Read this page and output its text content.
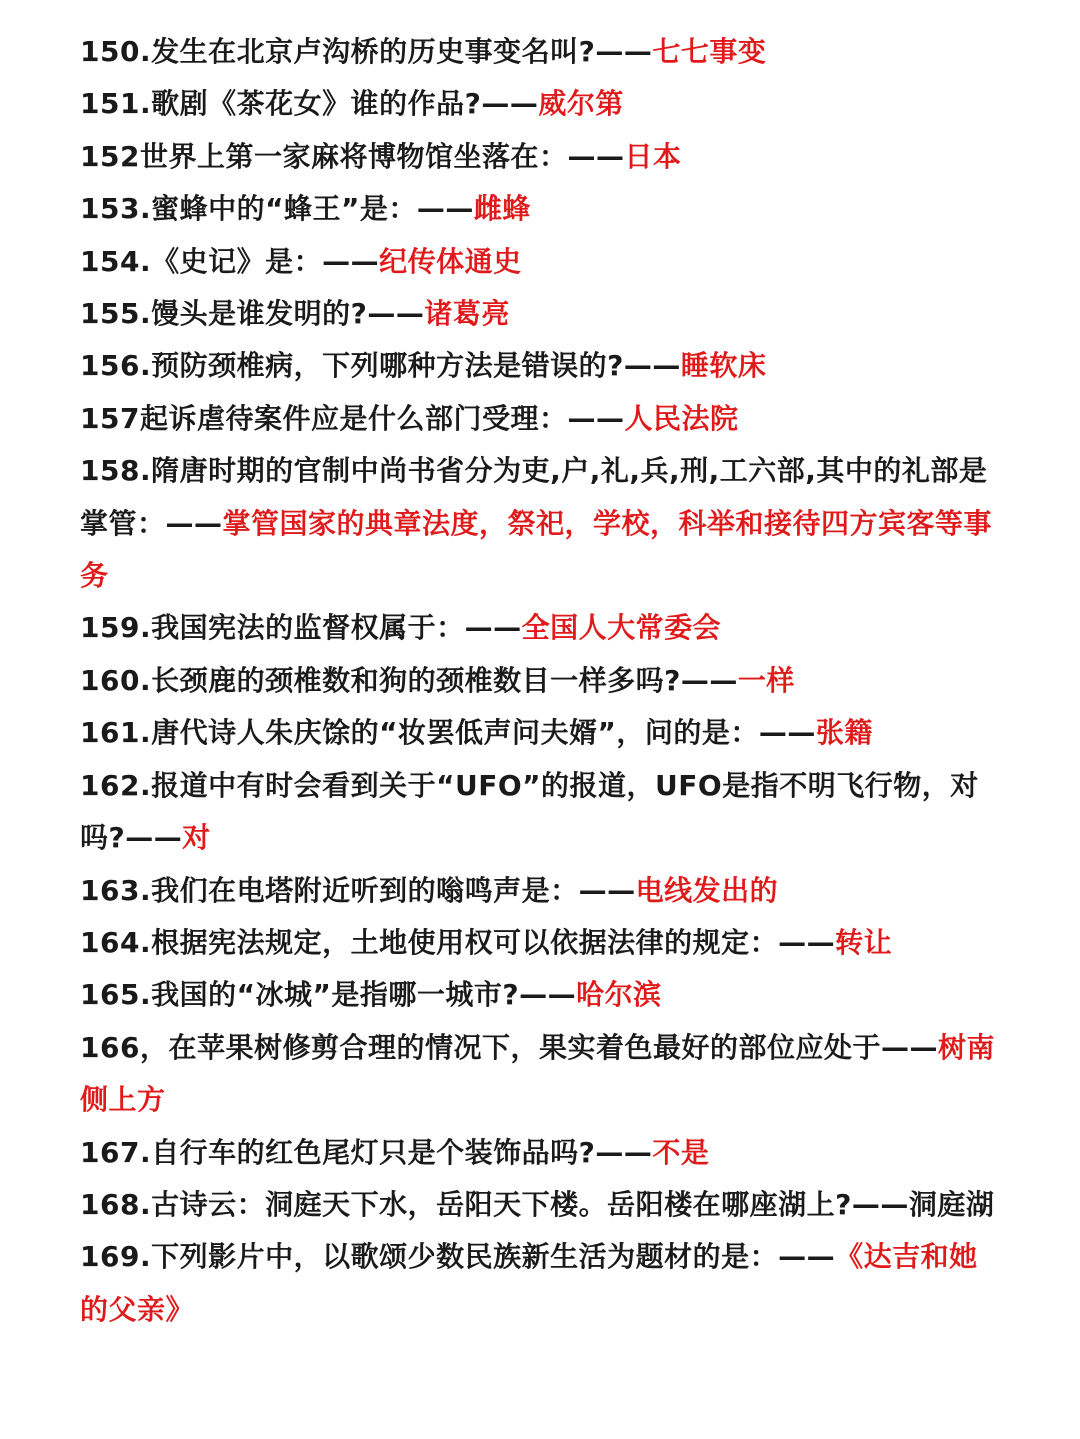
150.发生在北京卢沟桥的历史事变名叫?——七七事变

151.歌剧《茶花女》谁的作品?——威尔第

152世界上第一家麻将博物馆坐落在：——日本

153.蜜蜂中的“蜂王”是：——雌蜂

154.《史记》是：——纪传体通史

155.馒头是谁发明的?——诸葛亮

156.预防颈椎病，下列哪种方法是错误的?——睡软床

157起诉虐待案件应是什么部门受理：——人民法院

158.隋唐时期的官制中尚书省分为吏,户,礼,兵,刑,工六部,其中的礼部是掌管：——掌管国家的典章法度，祭祀，学校，科举和接待四方宾客等事务

159.我国宪法的监督权属于：——全国人大常委会

160.长颈鹿的颈椎数和狗的颈椎数目一样多吗?——一样

161.唐代诗人朱庆馀的“妆罢低声问夫婿”，问的是：——张籍

162.报道中有时会看到关于“UFO”的报道，UFO是指不明飞行物，对吗?——对

163.我们在电塔附近听到的嗡鸣声是：——电线发出的

164.根据宪法规定，土地使用权可以依据法律的规定：——转让

165.我国的“冰城”是指哪一城市?——哈尔滨

166，在苹果树修剪合理的情况下，果实着色最好的部位应处于——树南侧上方

167.自行车的红色尾灯只是个装饰品吗?——不是

168.古诗云：洞庭天下水，岳阳天下楼。岳阳楼在哪座湖上?——洞庭湖

169.下列影片中，以歌颂少数民族新生活为题材的是：——《达吉和她的父亲》
